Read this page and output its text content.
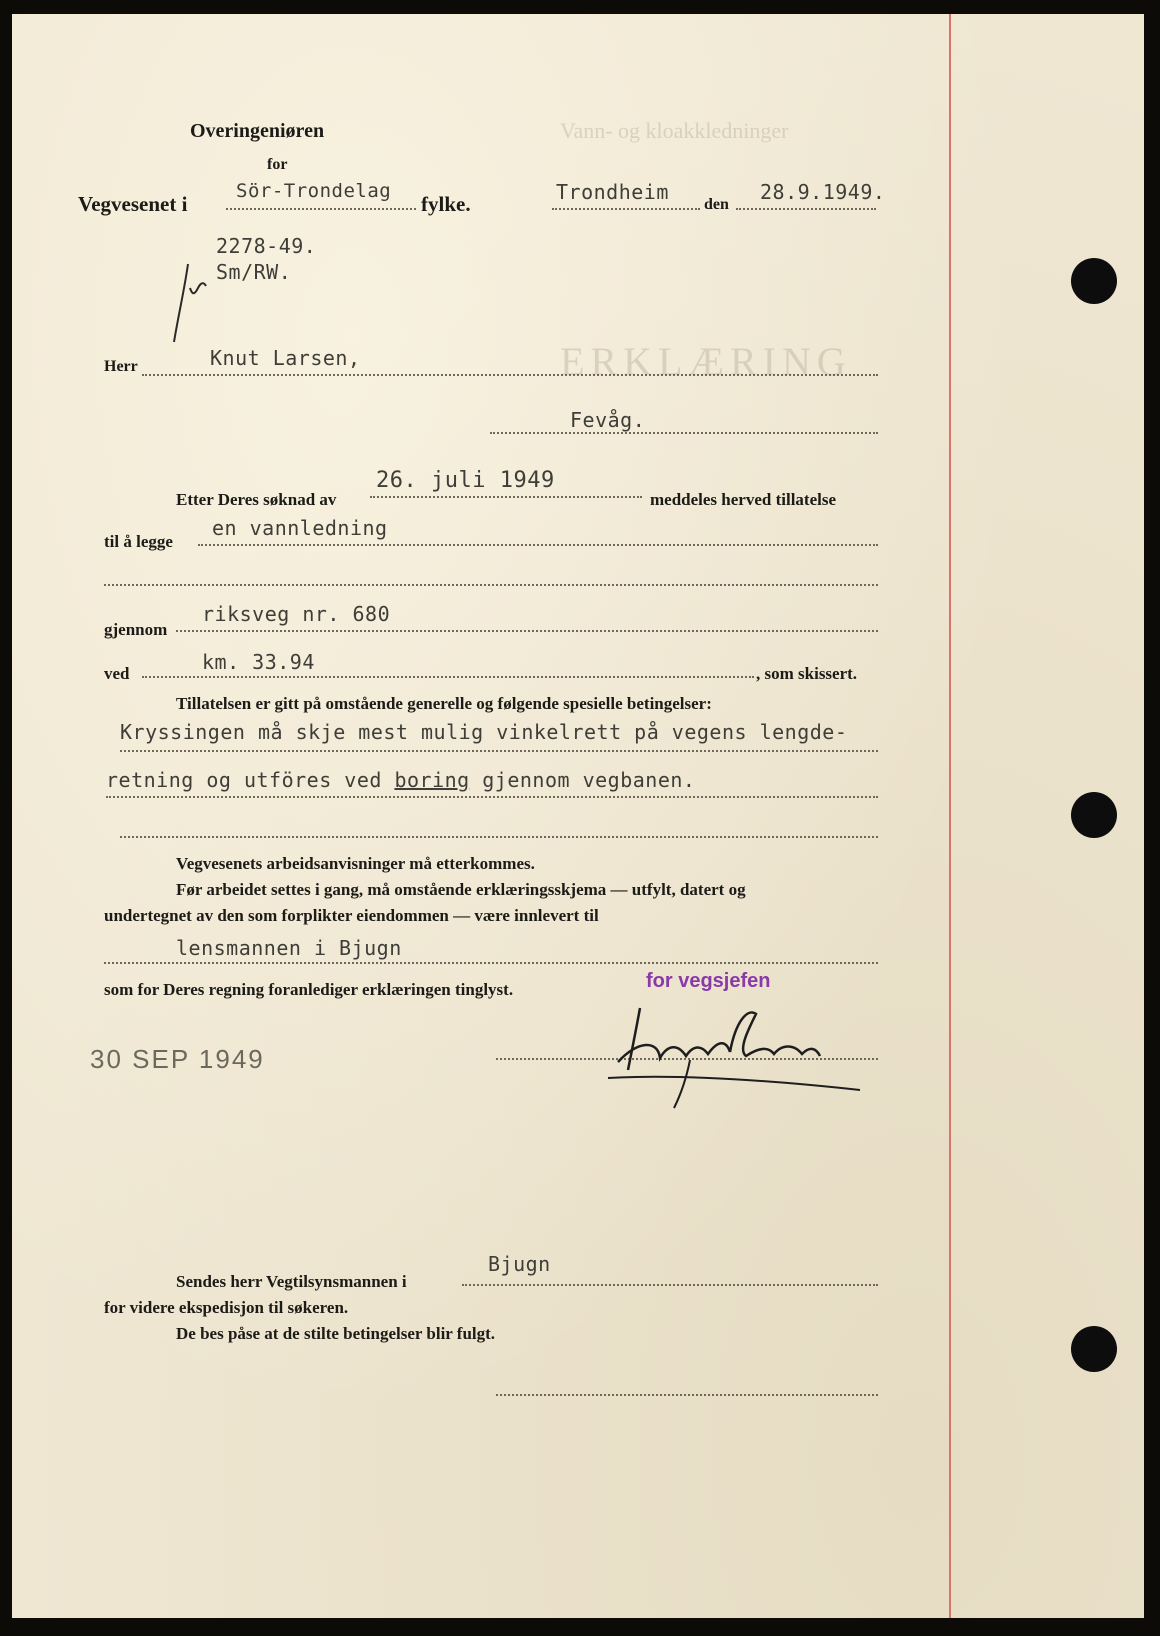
Vann- og kloakkledninger
ERKLÆRING
Overingeniøren
for
Vegvesenet i
Sör-Trondelag
fylke.	Trondheim
den
28.9.1949.
2278-49.
Sm/RW.
Herr	Knut Larsen,
Fevåg.
Etter Deres søknad av
26. juli 1949
meddeles herved tillatelse
til å legge
en vannledning
gjennom
riksveg nr. 680
ved	km. 33.94	, som skissert.
Tillatelsen er gitt på omstående generelle og følgende spesielle betingelser:
Kryssingen må skje mest mulig vinkelrett på vegens lengde-
retning og utföres ved boring gjennom vegbanen.
Vegvesenets arbeidsanvisninger må etterkommes.
Før arbeidet settes i gang, må omstående erklæringsskjema — utfylt, datert og
undertegnet av den som forplikter eiendommen — være innlevert til
lensmannen i Bjugn
som for Deres regning foranlediger erklæringen tinglyst.	for vegsjefen
30 SEP 1949
Sendes herr Vegtilsynsmannen i
Bjugn
for videre ekspedisjon til søkeren.
De bes påse at de stilte betingelser blir fulgt.
